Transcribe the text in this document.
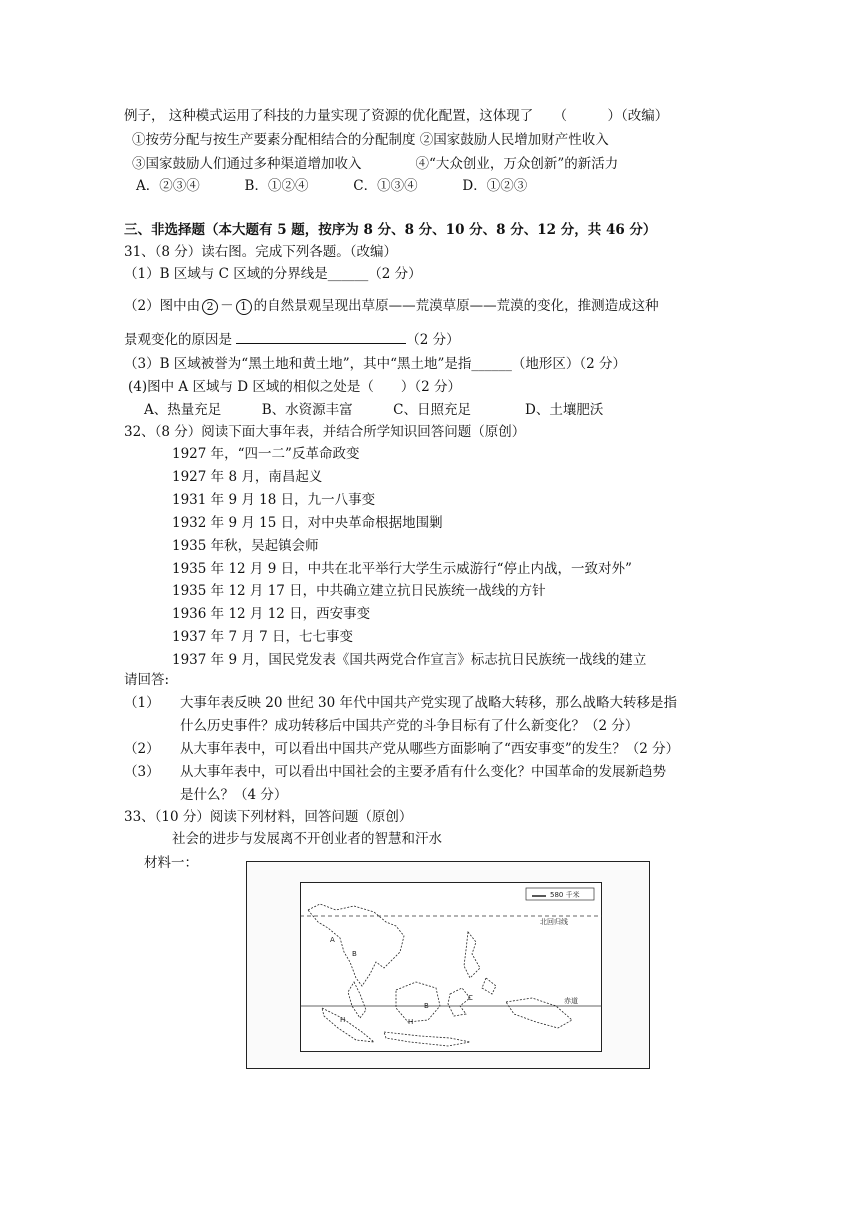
例子， 这种模式运用了科技的力量实现了资源的优化配置，这体现了　　（　　　）（改编）
①按劳分配与按生产要素分配相结合的分配制度 ②国家鼓励人民增加财产性收入
③国家鼓励人们通过多种渠道增加收入　　　　④“大众创业，万众创新”的新活力
A．②③④　　　 B．①②④　　　 C．①③④　　　 D．①②③
三、非选择题（本大题有 5 题，按序为 8 分、8 分、10 分、8 分、12 分，共 46 分）
31、（8 分）读右图。完成下列各题。（改编）
（1）B 区域与 C 区域的分界线是______（2 分）
（2）图中由 2 － 1 的自然景观呈现出草原——荒漠草原——荒漠的变化，推测造成这种
景观变化的原因是	（2 分）
（3）B 区域被誉为“黑土地和黄土地”，其中“黑土地”是指______（地形区）（2 分）
(4)图中 A 区域与 D 区域的相似之处是（　　）（2 分）
A、热量充足　　　B、水资源丰富　　　C、日照充足　　　　D、土壤肥沃
32、（8 分）阅读下面大事年表，并结合所学知识回答问题（原创）
1927 年，“四一二”反革命政变
1927 年 8 月，南昌起义
1931 年 9 月 18 日，九一八事变
1932 年 9 月 15 日，对中央革命根据地围剿
1935 年秋，吴起镇会师
1935 年 12 月 9 日，中共在北平举行大学生示威游行“停止内战，一致对外”
1935 年 12 月 17 日，中共确立建立抗日民族统一战线的方针
1936 年 12 月 12 日，西安事变
1937 年 7 月 7 日，七七事变
1937 年 9 月，国民党发表《国共两党合作宣言》标志抗日民族统一战线的建立
请回答:
（1） 大事年表反映 20 世纪 30 年代中国共产党实现了战略大转移，那么战略大转移是指
什么历史事件？成功转移后中国共产党的斗争目标有了什么新变化？（2 分）
（2） 从大事年表中，可以看出中国共产党从哪些方面影响了“西安事变”的发生？（2 分）
（3） 从大事年表中，可以看出中国社会的主要矛盾有什么变化？中国革命的发展新趋势
是什么？（4 分）
33、（10 分）阅读下列材料，回答问题（原创）
社会的进步与发展离不开创业者的智慧和汗水
材料一：
580 千米
北回归线
赤道
A
B
H	H
B
C
